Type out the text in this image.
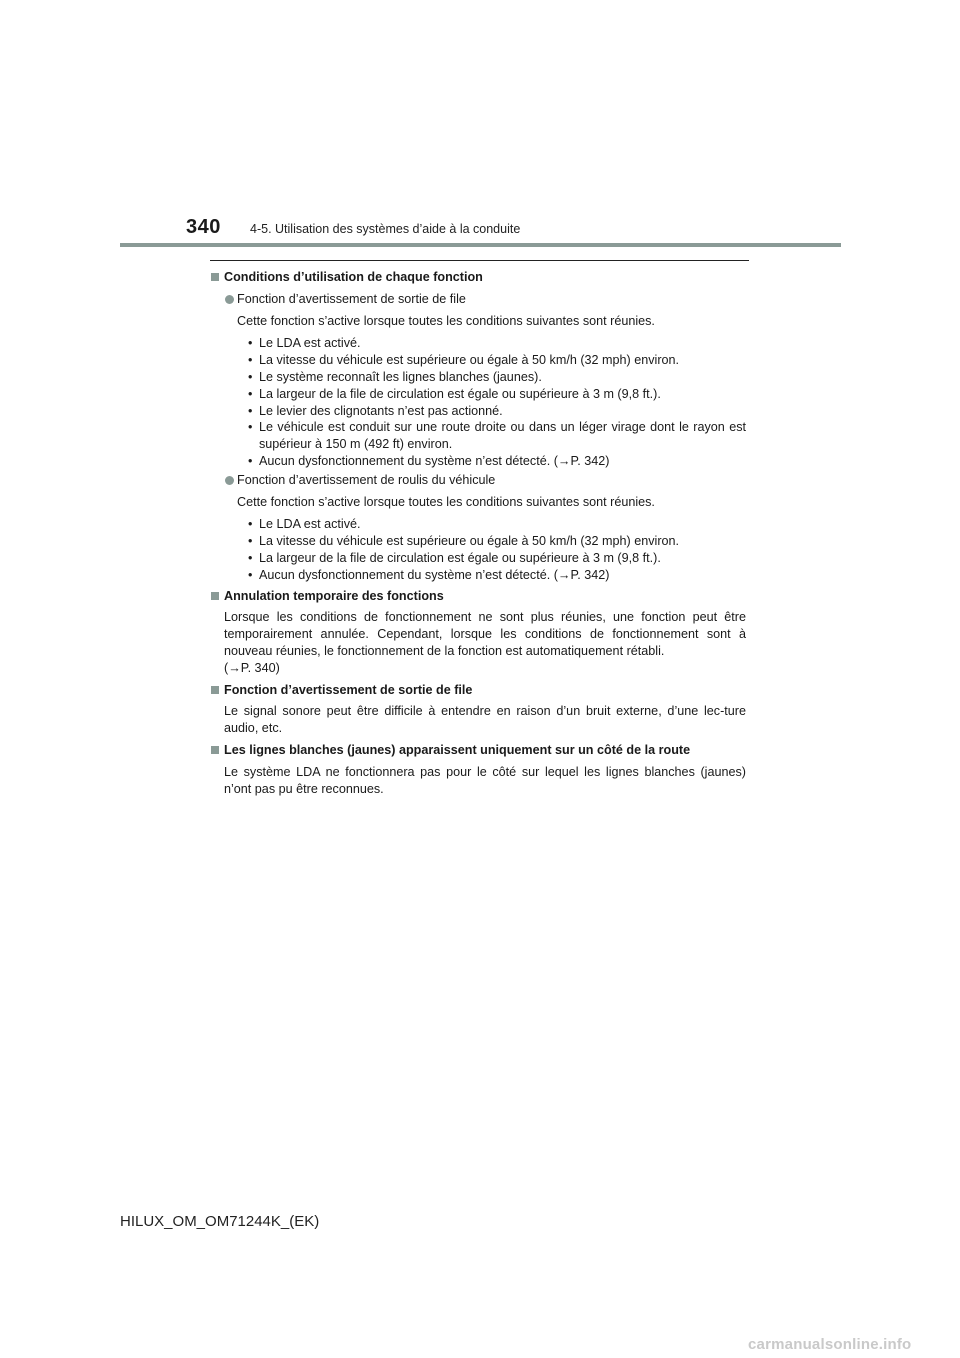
340 4-5. Utilisation des systèmes d’aide à la conduite
Conditions d’utilisation de chaque fonction
Fonction d’avertissement de sortie de file
Cette fonction s’active lorsque toutes les conditions suivantes sont réunies.
• Le LDA est activé.
• La vitesse du véhicule est supérieure ou égale à 50 km/h (32 mph) environ.
• Le système reconnaît les lignes blanches (jaunes).
• La largeur de la file de circulation est égale ou supérieure à 3 m (9,8 ft.).
• Le levier des clignotants n’est pas actionné.
• Le véhicule est conduit sur une route droite ou dans un léger virage dont le rayon est supérieur à 150 m (492 ft) environ.
• Aucun dysfonctionnement du système n’est détecté. (→P. 342)
Fonction d’avertissement de roulis du véhicule
Cette fonction s’active lorsque toutes les conditions suivantes sont réunies.
• Le LDA est activé.
• La vitesse du véhicule est supérieure ou égale à 50 km/h (32 mph) environ.
• La largeur de la file de circulation est égale ou supérieure à 3 m (9,8 ft.).
• Aucun dysfonctionnement du système n’est détecté. (→P. 342)
Annulation temporaire des fonctions
Lorsque les conditions de fonctionnement ne sont plus réunies, une fonction peut être temporairement annulée. Cependant, lorsque les conditions de fonctionnement sont à nouveau réunies, le fonctionnement de la fonction est automatiquement rétabli.
(→P. 340)
Fonction d’avertissement de sortie de file
Le signal sonore peut être difficile à entendre en raison d’un bruit externe, d’une lec-ture audio, etc.
Les lignes blanches (jaunes) apparaissent uniquement sur un côté de la route
Le système LDA ne fonctionnera pas pour le côté sur lequel les lignes blanches (jaunes) n’ont pas pu être reconnues.
HILUX_OM_OM71244K_(EK)
carmanualsonline.info
